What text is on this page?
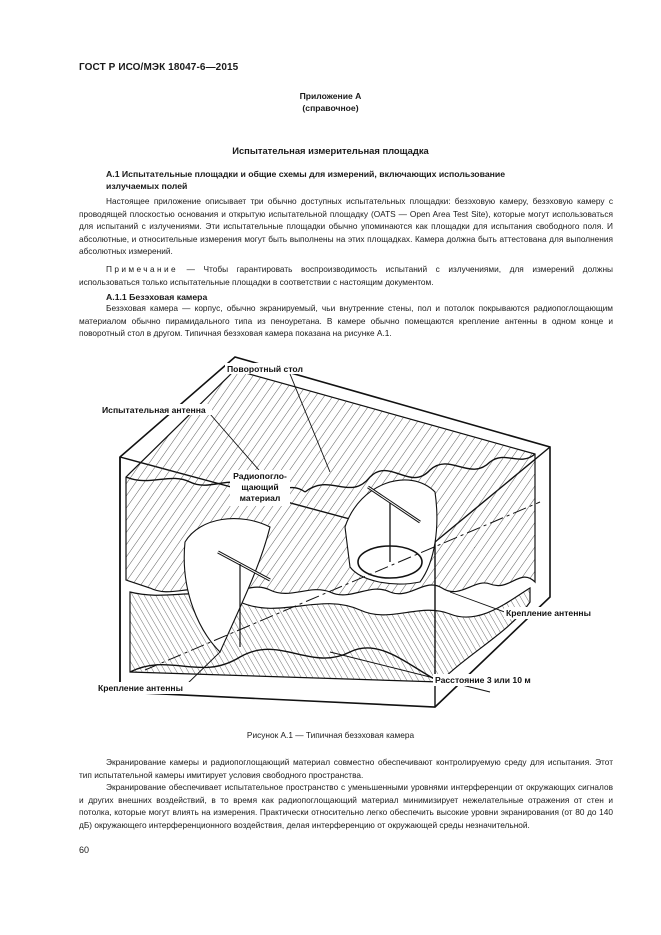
ГОСТ Р ИСО/МЭК 18047-6—2015
Приложение А
(справочное)
Испытательная измерительная площадка
А.1 Испытательные площадки и общие схемы для измерений, включающих использование
излучаемых полей
Настоящее приложение описывает три обычно доступных испытательных площадки: безэховую камеру, безэховую камеру с проводящей плоскостью основания и открытую испытательной площадку (OATS — Open Area Test Site), которые могут использоваться для испытаний с излучениями. Эти испытательные площадки обычно упоминаются как площадки для испытания свободного поля. И абсолютные, и относительные измерения могут быть выполнены на этих площадках. Камера должна быть аттестована для выполнения абсолютных измерений.
Примечание — Чтобы гарантировать воспроизводимость испытаний с излучениями, для измерений должны использоваться только испытательные площадки в соответствии с настоящим документом.
А.1.1 Безэховая камера
Безэховая камера — корпус, обычно экранируемый, чьи внутренние стены, пол и потолок покрываются радиопоглощающим материалом обычно пирамидального типа из пеноуретана. В камере обычно помещаются крепление антенны в одном конце и поворотный стол в другом. Типичная безэховая камера показана на рисунке А.1.
Поворотный стол
Испытательная антенна
Радиопогло-
щающий
материал
Крепление антенны
Расстояние 3 или 10 м
Крепление антенны
Рисунок А.1 — Типичная безэховая камера
Экранирование камеры и радиопоглощающий материал совместно обеспечивают контролируемую среду для испытания. Этот тип испытательной камеры имитирует условия свободного пространства.
Экранирование обеспечивает испытательное пространство с уменьшенными уровнями интерференции от окружающих сигналов и других внешних воздействий, в то время как радиопоглощающий материал минимизирует нежелательные отражения от стен и потолка, которые могут влиять на измерения. Практически относительно легко обеспечить высокие уровни экранирования (от 80 до 140 дБ) окружающего интерференционного воздействия, делая интерференцию от окружающей среды незначительной.
60
